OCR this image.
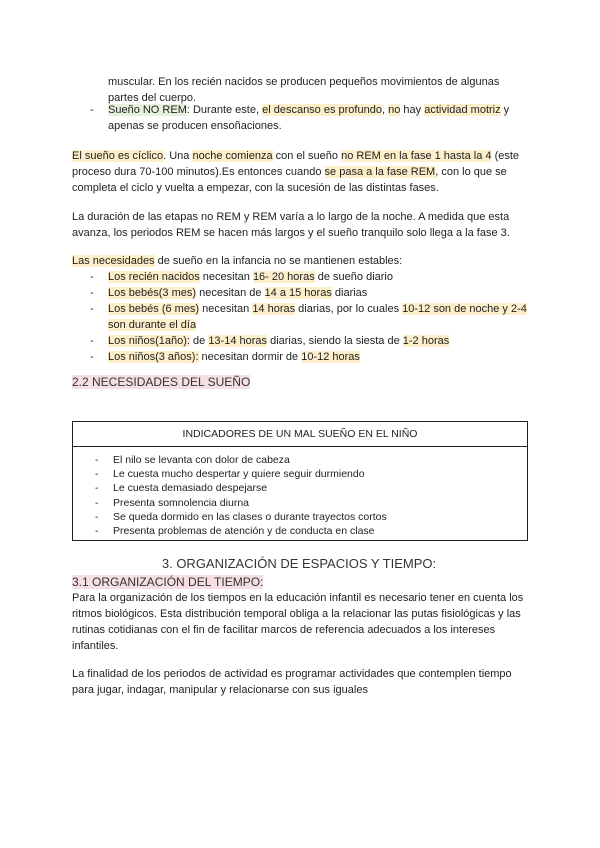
muscular. En los recién nacidos se producen pequeños movimientos de algunas
partes del cuerpo.
- Sueño NO REM: Durante este, el descanso es profundo, no hay actividad motriz y apenas se producen ensoñaciones.
El sueño es cíclico. Una noche comienza con el sueño no REM en la fase 1 hasta la 4 (este proceso dura 70-100 minutos).Es entonces cuando se pasa a la fase REM, con lo que se completa el ciclo y vuelta a empezar, con la sucesión de las distintas fases.
La duración de las etapas no REM y REM varía a lo largo de la noche. A medida que esta avanza, los periodos REM se hacen más largos y el sueño tranquilo solo llega a la fase 3.
Las necesidades de sueño en la infancia no se mantienen estables:
- Los recién nacidos necesitan 16- 20 horas de sueño diario
- Los bebés(3 mes) necesitan de 14 a 15 horas diarias
- Los bebés (6 mes) necesitan 14 horas diarias, por lo cuales 10-12 son de noche y 2-4 son durante el día
- Los niños(1año): de 13-14 horas diarias, siendo la siesta de 1-2 horas
- Los niños(3 años): necesitan dormir de 10-12 horas
2.2 NECESIDADES DEL SUEÑO
INDICADORES DE UN MAL SUEÑO EN EL NIÑO
- El nilo se levanta con dolor de cabeza
- Le cuesta mucho despertar y quiere seguir durmiendo
- Le cuesta demasiado despejarse
- Presenta somnolencia diurna
- Se queda dormido en las clases o durante trayectos cortos
- Presenta problemas de atención y de conducta en clase
3. ORGANIZACIÓN DE ESPACIOS Y TIEMPO:
3.1 ORGANIZACIÓN DEL TIEMPO:
Para la organización de los tiempos en la educación infantil es necesario tener en cuenta los ritmos biológicos. Esta distribución temporal obliga a la relacionar las putas fisiológicas y las rutinas cotidianas con el fin de facilitar marcos de referencia adecuados a los intereses infantiles.
La finalidad de los periodos de actividad es programar actividades que contemplen tiempo para jugar, indagar, manipular y relacionarse con sus iguales
